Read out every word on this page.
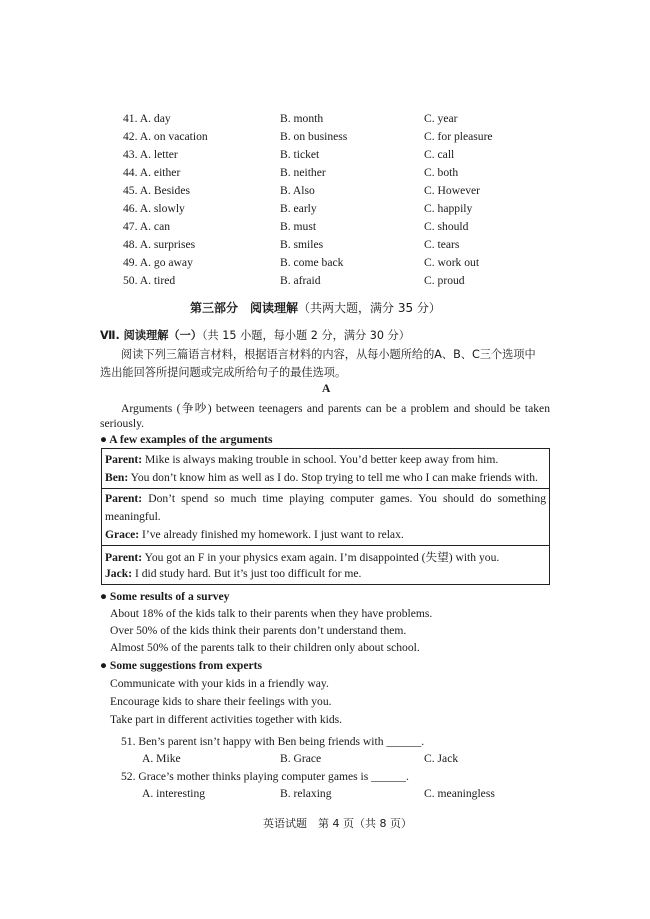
41. A. day	B. month	C. year
42. A. on vacation	B. on business	C. for pleasure
43. A. letter	B. ticket	C. call
44. A. either	B. neither	C. both
45. A. Besides	B. Also	C. However
46. A. slowly	B. early	C. happily
47. A. can	B. must	C. should
48. A. surprises	B. smiles	C. tears
49. A. go away	B. come back	C. work out
50. A. tired	B. afraid	C. proud
第三部分　阅读理解（共两大题，满分 35 分）
Ⅶ. 阅读理解（一）（共 15 小题，每小题 2 分，满分 30 分）
阅读下列三篇语言材料，根据语言材料的内容，从每小题所给的A、B、C三个选项中
选出能回答所提问题或完成所给句子的最佳选项。
A
Arguments (争吵) between teenagers and parents can be a problem and should be taken
seriously.
● A few examples of the arguments
Parent: Mike is always making trouble in school. You’d better keep away from him.
Ben: You don’t know him as well as I do. Stop trying to tell me who I can make friends with.
Parent: Don’t spend so much time playing computer games. You should do something
meaningful.
Grace: I’ve already finished my homework. I just want to relax.
Parent: You got an F in your physics exam again. I’m disappointed (失望) with you.
Jack: I did study hard. But it’s just too difficult for me.
● Some results of a survey
About 18% of the kids talk to their parents when they have problems.
Over 50% of the kids think their parents don’t understand them.
Almost 50% of the parents talk to their children only about school.
● Some suggestions from experts
Communicate with your kids in a friendly way.
Encourage kids to share their feelings with you.
Take part in different activities together with kids.
51. Ben’s parent isn’t happy with Ben being friends with ______.
A. Mike	B. Grace	C. Jack
52. Grace’s mother thinks playing computer games is ______.
A. interesting	B. relaxing	C. meaningless
英语试题　第 4 页（共 8 页）
